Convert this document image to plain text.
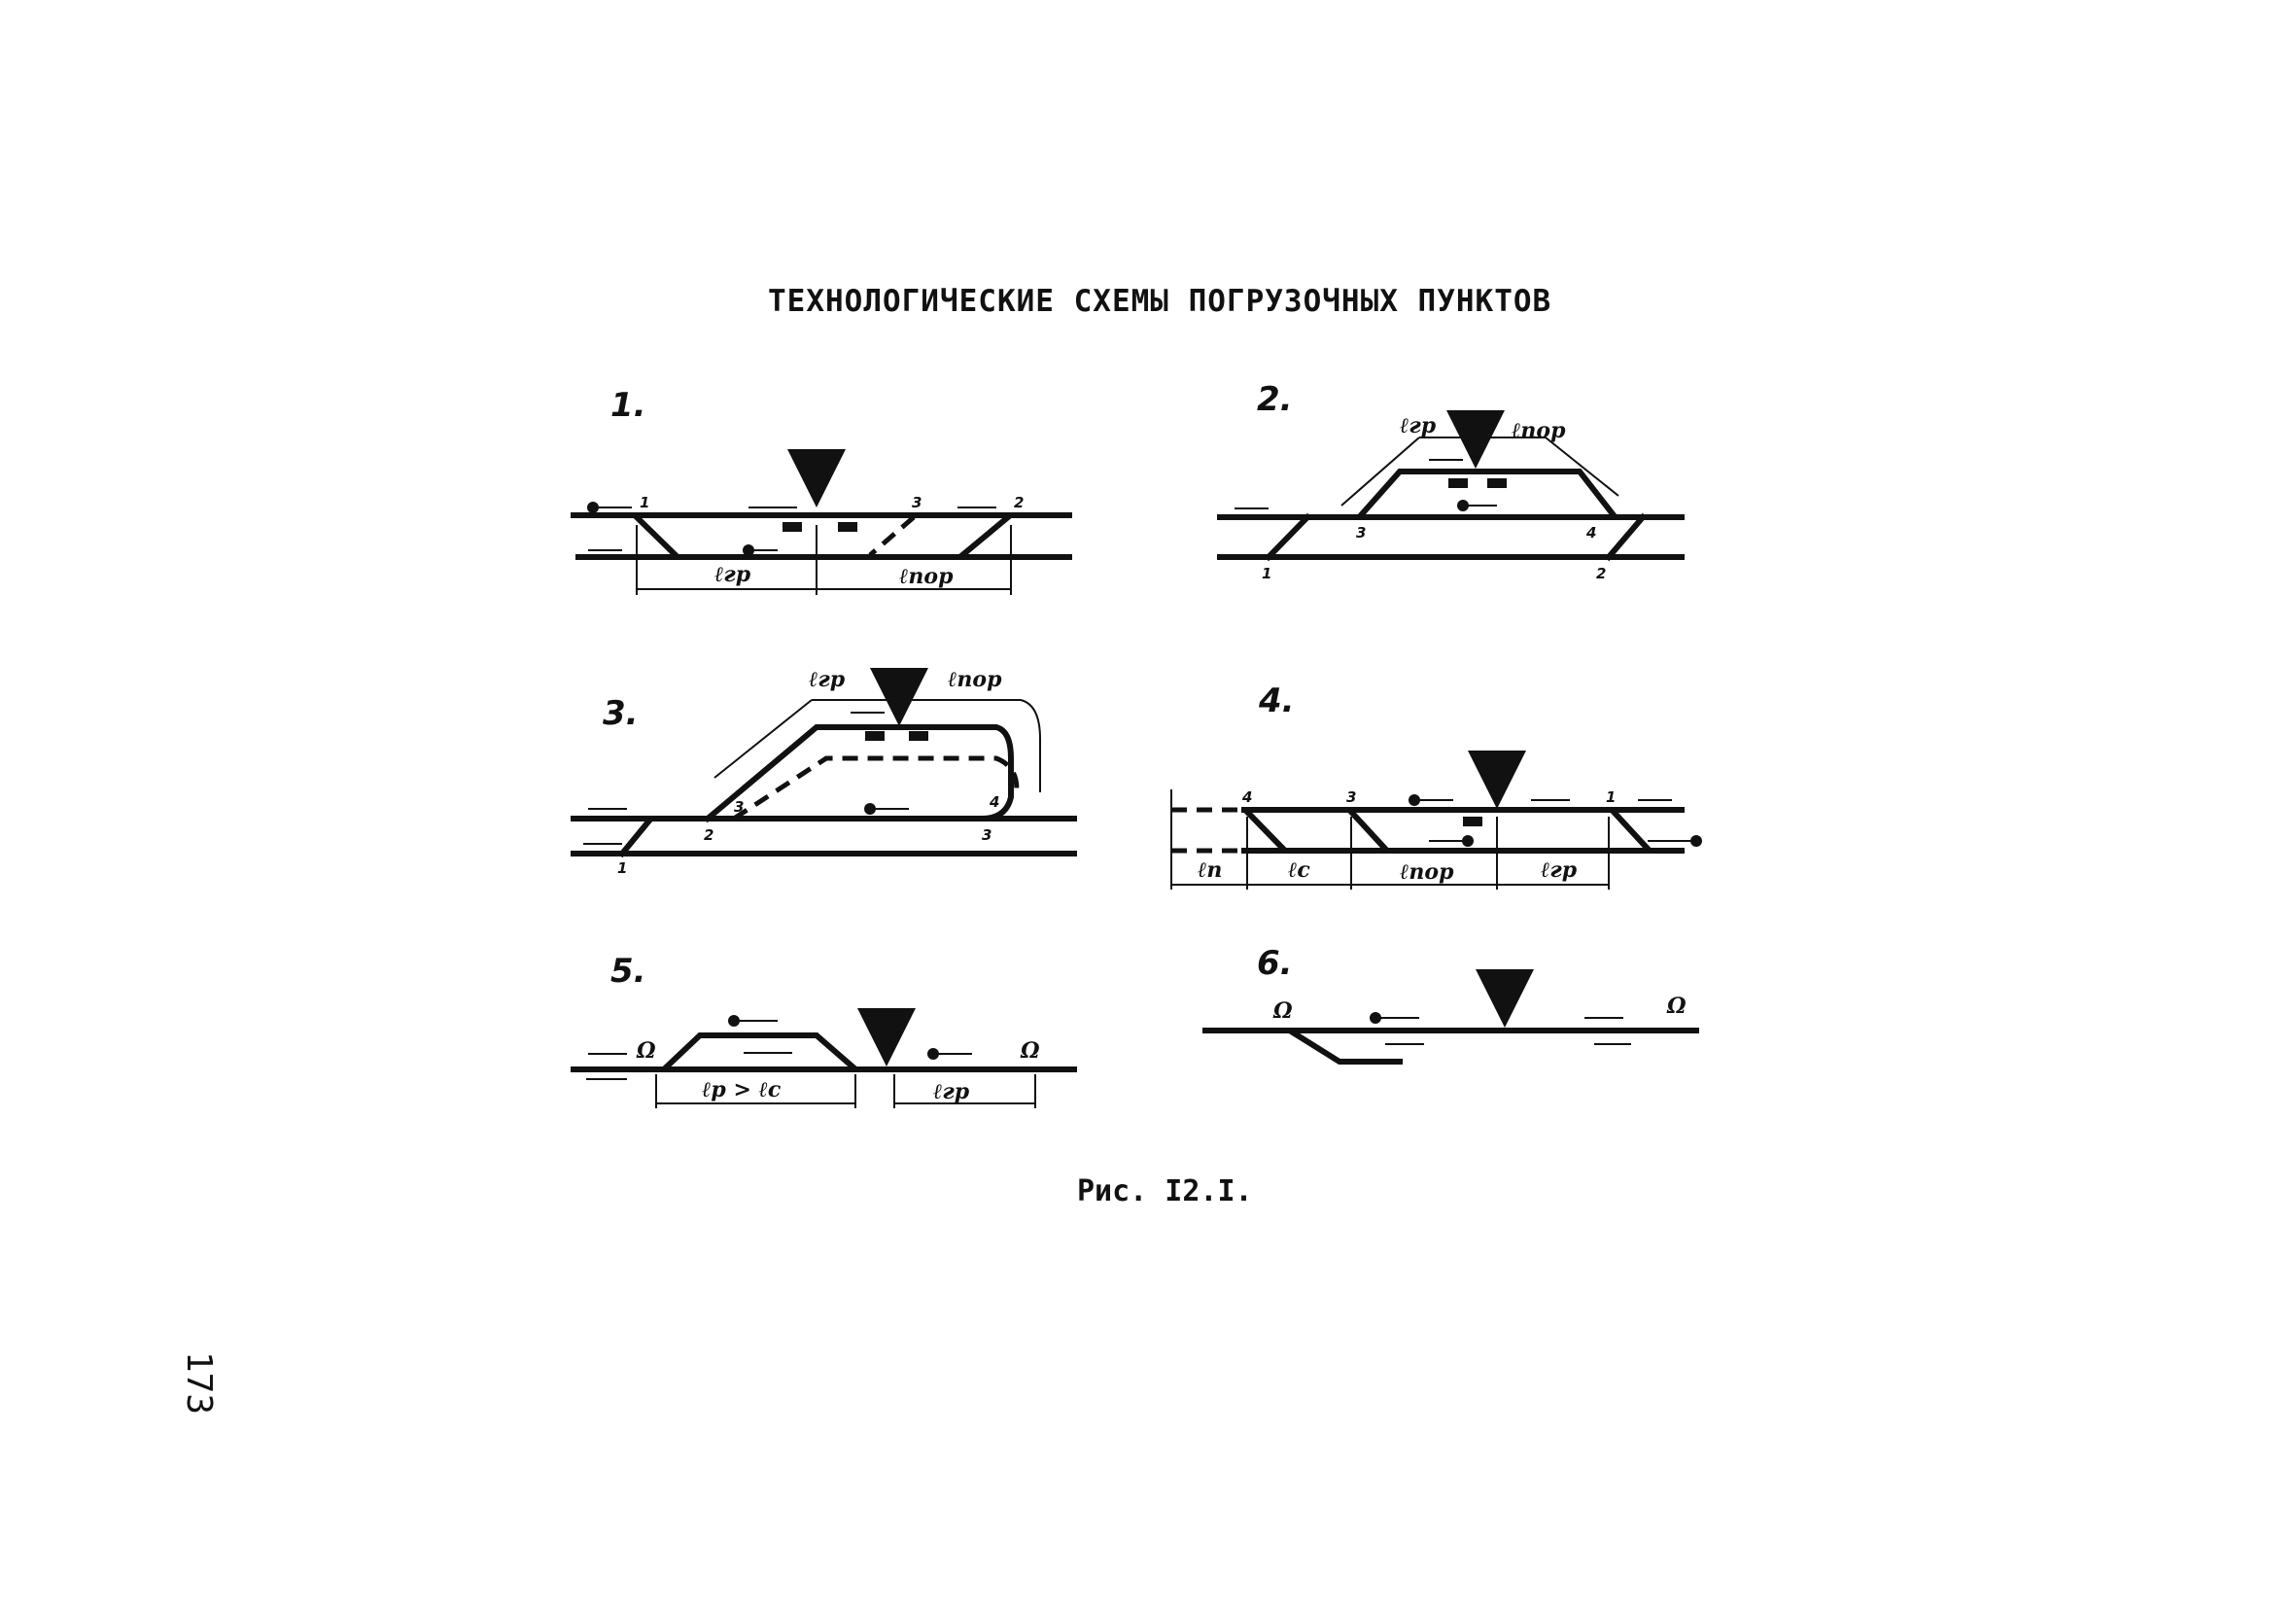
ТЕХНОЛОГИЧЕСКИЕ СХЕМЫ ПОГРУЗОЧНЫХ ПУНКТОВ
1.
1	3	2
ℓгр	ℓпор
2.
ℓгр	ℓпор
3	4
1	2
3.
ℓгр	ℓпор
1
2
3	4
3
4.
ℓп	ℓс	ℓпор	ℓгр
4	3	1
5.
Ω	Ω
ℓр > ℓс	ℓгр
6.
Ω	Ω
Рис. I2.I.
173
